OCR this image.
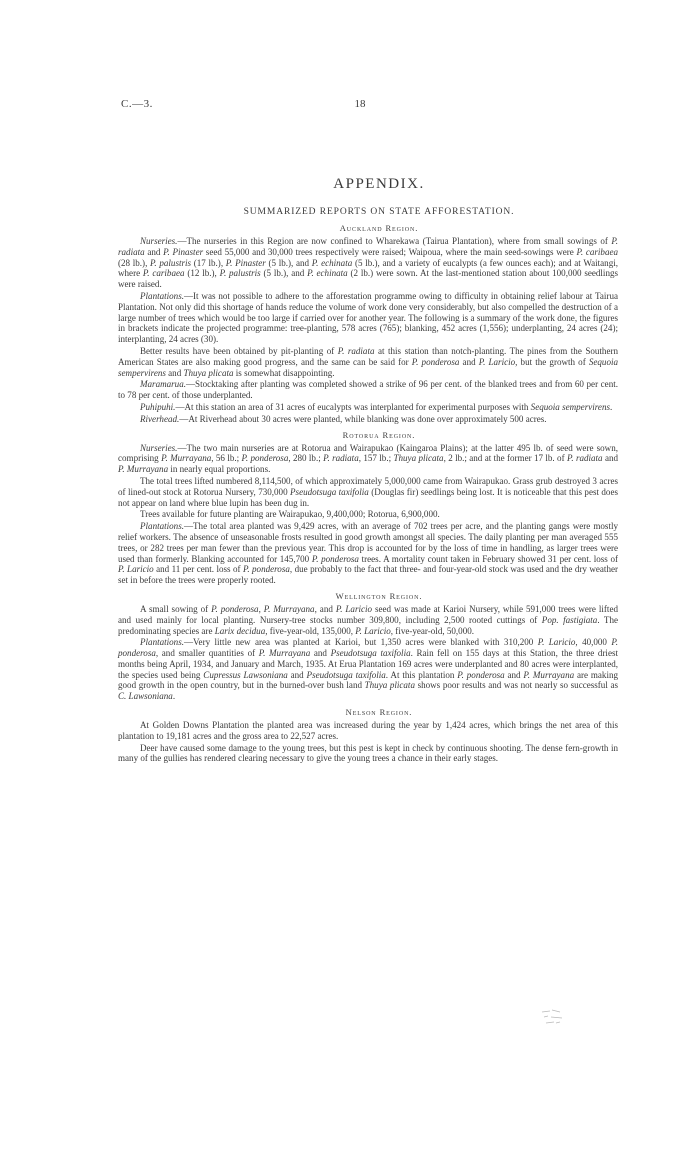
C.—3.	18
APPENDIX.
SUMMARIZED REPORTS ON STATE AFFORESTATION.
Auckland Region.

Nurseries.—The nurseries in this Region are now confined to Wharekawa (Tairua Plantation), where from small sowings of P. radiata and P. Pinaster seed 55,000 and 30,000 trees respectively were raised; Waipoua, where the main seed-sowings were P. caribaea (28 lb.), P. palustris (17 lb.), P. Pinaster (5 lb.), and P. echinata (5 lb.), and a variety of eucalypts (a few ounces each); and at Waitangi, where P. caribaea (12 lb.), P. palustris (5 lb.), and P. echinata (2 lb.) were sown. At the last-mentioned station about 100,000 seedlings were raised.

Plantations.—It was not possible to adhere to the afforestation programme owing to difficulty in obtaining relief labour at Tairua Plantation. Not only did this shortage of hands reduce the volume of work done very considerably, but also compelled the destruction of a large number of trees which would be too large if carried over for another year. The following is a summary of the work done, the figures in brackets indicate the projected programme: tree-planting, 578 acres (765); blanking, 452 acres (1,556); underplanting, 24 acres (24); interplanting, 24 acres (30).

Better results have been obtained by pit-planting of P. radiata at this station than notch-planting. The pines from the Southern American States are also making good progress, and the same can be said for P. ponderosa and P. Laricio, but the growth of Sequoia sempervirens and Thuya plicata is somewhat disappointing.

Maramarua.—Stocktaking after planting was completed showed a strike of 96 per cent. of the blanked trees and from 60 per cent. to 78 per cent. of those underplanted.

Puhipuhi.—At this station an area of 31 acres of eucalypts was interplanted for experimental purposes with Sequoia sempervirens.

Riverhead.—At Riverhead about 30 acres were planted, while blanking was done over approximately 500 acres.

Rotorua Region.

Nurseries.—The two main nurseries are at Rotorua and Wairapukao (Kaingaroa Plains); at the latter 495 lb. of seed were sown, comprising P. Murrayana, 56 lb.; P. ponderosa, 280 lb.; P. radiata, 157 lb.; Thuya plicata, 2 lb.; and at the former 17 lb. of P. radiata and P. Murrayana in nearly equal proportions.

The total trees lifted numbered 8,114,500, of which approximately 5,000,000 came from Wairapukao. Grass grub destroyed 3 acres of lined-out stock at Rotorua Nursery, 730,000 Pseudotsuga taxifolia (Douglas fir) seedlings being lost. It is noticeable that this pest does not appear on land where blue lupin has been dug in.

Trees available for future planting are Wairapukao, 9,400,000; Rotorua, 6,900,000.

Plantations.—The total area planted was 9,429 acres, with an average of 702 trees per acre, and the planting gangs were mostly relief workers. The absence of unseasonable frosts resulted in good growth amongst all species. The daily planting per man averaged 555 trees, or 282 trees per man fewer than the previous year. This drop is accounted for by the loss of time in handling, as larger trees were used than formerly. Blanking accounted for 145,700 P. ponderosa trees. A mortality count taken in February showed 31 per cent. loss of P. Laricio and 11 per cent. loss of P. ponderosa, due probably to the fact that three- and four-year-old stock was used and the dry weather set in before the trees were properly rooted.

Wellington Region.

A small sowing of P. ponderosa, P. Murrayana, and P. Laricio seed was made at Karioi Nursery, while 591,000 trees were lifted and used mainly for local planting. Nursery-tree stocks number 309,800, including 2,500 rooted cuttings of Pop. fastigiata. The predominating species are Larix decidua, five-year-old, 135,000, P. Laricio, five-year-old, 50,000.

Plantations.—Very little new area was planted at Karioi, but 1,350 acres were blanked with 310,200 P. Laricio, 40,000 P. ponderosa, and smaller quantities of P. Murrayana and Pseudotsuga taxifolia. Rain fell on 155 days at this Station, the three driest months being April, 1934, and January and March, 1935. At Erua Plantation 169 acres were underplanted and 80 acres were interplanted, the species used being Cupressus Lawsoniana and Pseudotsuga taxifolia. At this plantation P. ponderosa and P. Murrayana are making good growth in the open country, but in the burned-over bush land Thuya plicata shows poor results and was not nearly so successful as C. Lawsoniana.

Nelson Region.

At Golden Downs Plantation the planted area was increased during the year by 1,424 acres, which brings the net area of this plantation to 19,181 acres and the gross area to 22,527 acres.

Deer have caused some damage to the young trees, but this pest is kept in check by continuous shooting. The dense fern-growth in many of the gullies has rendered clearing necessary to give the young trees a chance in their early stages.
